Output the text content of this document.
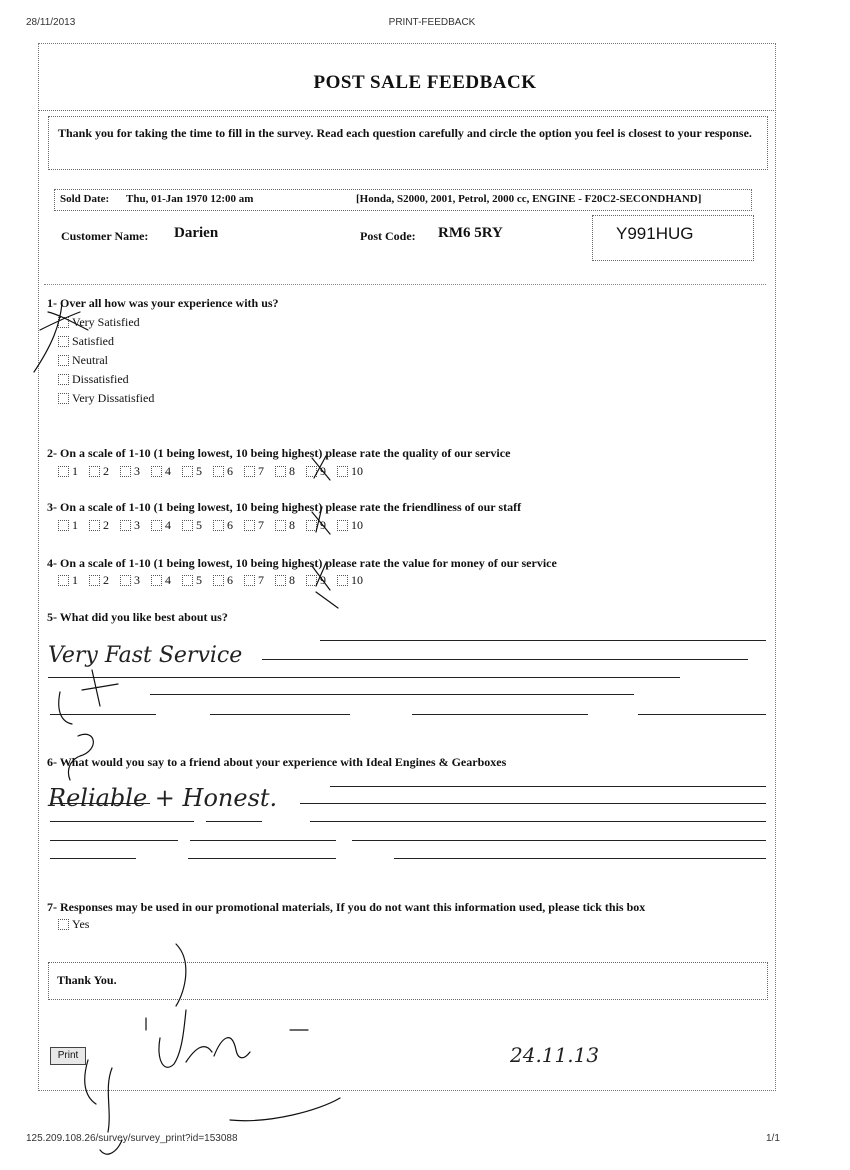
28/11/2013	PRINT-FEEDBACK
POST SALE FEEDBACK
Thank you for taking the time to fill in the survey. Read each question carefully and circle the option you feel is closest to your response.
Sold Date: Thu, 01-Jan 1970 12:00 am	[Honda, S2000, 2001, Petrol, 2000 cc, ENGINE - F20C2-SECONDHAND]
Customer Name: Darien	Post Code: RM6 5RY	Y991HUG
1- Over all how was your experience with us?
Very Satisfied
Satisfied
Neutral
Dissatisfied
Very Dissatisfied
2- On a scale of 1-10 (1 being lowest, 10 being highest) please rate the quality of our service
1 2 3 4 5 6 7 8 9 10
3- On a scale of 1-10 (1 being lowest, 10 being highest) please rate the friendliness of our staff
1 2 3 4 5 6 7 8 9 10
4- On a scale of 1-10 (1 being lowest, 10 being highest) please rate the value for money of our service
1 2 3 4 5 6 7 8 9 10
5- What did you like best about us?
6- What would you say to a friend about your experience with Ideal Engines & Gearboxes
7- Responses may be used in our promotional materials, If you do not want this information used, please tick this box
Yes
Thank You.
Print
125.209.108.26/survey/survey_print?id=153088	1/1
Very Fast Service
Reliable + Honest.
24.11.13
